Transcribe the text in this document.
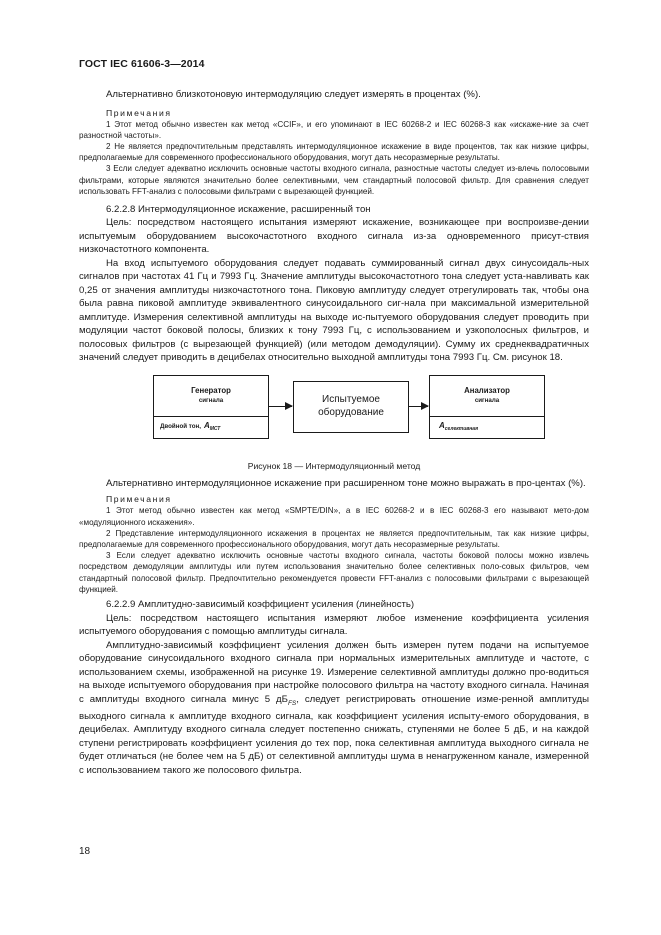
ГОСТ IEC 61606-3—2014

Альтернативно близкотоновую интермодуляцию следует измерять в процентах (%).

Примечания

1 Этот метод обычно известен как метод «CCIF», и его упоминают в IEC 60268-2 и IEC 60268-3 как «искаже-ние за счет разностной частоты».

2 Не является предпочтительным представлять интермодуляционное искажение в виде процентов, так как низкие цифры, предполагаемые для современного профессионального оборудования, могут дать несоразмерные результаты.

3 Если следует адекватно исключить основные частоты входного сигнала, разностные частоты следует из-влечь полосовыми фильтрами, которые являются значительно более селективными, чем стандартный полосовой фильтр. Для сравнения следует использовать FFT-анализ с полосовыми фильтрами с вырезающей функцией.

6.2.2.8 Интермодуляционное искажение, расширенный тон

Цель: посредством настоящего испытания измеряют искажение, возникающее при воспроизве-дении испытуемым оборудованием высокочастотного входного сигнала из-за одновременного присут-ствия низкочастотного компонента.

На вход испытуемого оборудования следует подавать суммированный сигнал двух синусоидаль-ных сигналов при частотах 41 Гц и 7993 Гц. Значение амплитуды высокочастотного тона следует уста-навливать как 0,25 от значения амплитуды низкочастотного тона. Пиковую амплитуду следует отрегулировать так, чтобы она была равна пиковой амплитуде эквивалентного синусоидального сиг-нала при максимальной измерительной амплитуде. Измерения селективной амплитуды на выходе ис-пытуемого оборудования следует проводить при модуляции частот боковой полосы, близких к тону 7993 Гц, с использованием и узкополосных фильтров, и полосовых фильтров (с вырезающей функцией) (или методом демодуляции). Сумму их среднеквадратичных значений следует приводить в децибелах относительно выходной амплитуды тона 7993 Гц. См. рисунок 18.

Генератор
сигнала
Двойной тон, $A_{МСТ}$
Испытуемое
оборудование
Анализатор
сигнала
$A_{селективная}$

Рисунок 18 — Интермодуляционный метод

Альтернативно интермодуляционное искажение при расширенном тоне можно выражать в про-центах (%).

Примечания

1 Этот метод обычно известен как метод «SMPTE/DIN», а в IEC 60268-2 и в IEC 60268-3 его называют мето-дом «модуляционного искажения».

2 Представление интермодуляционного искажения в процентах не является предпочтительным, так как низкие цифры, предполагаемые для современного профессионального оборудования, могут дать несоразмерные результаты.

3 Если следует адекватно исключить основные частоты входного сигнала, частоты боковой полосы можно извлечь посредством демодуляции амплитуды или путем использования значительно более селективных поло-совых фильтров, чем стандартный полосовой фильтр. Предпочтительно рекомендуется провести FFT-анализ с полосовыми фильтрами с вырезающей функцией.

6.2.2.9 Амплитудно-зависимый коэффициент усиления (линейность)

Цель: посредством настоящего испытания измеряют любое изменение коэффициента усиления испытуемого оборудования с помощью амплитуды сигнала.

Амплитудно-зависимый коэффициент усиления должен быть измерен путем подачи на испытуемое оборудование синусоидального входного сигнала при нормальных измерительных амплитуде и частоте, с использованием схемы, изображенной на рисунке 19. Измерение селективной амплитуды должно про-водиться на выходе испытуемого оборудования при настройке полосового фильтра на частоту входного сигнала. Начиная с амплитуды входного сигнала минус 5 $дБ_{FS}$, следует регистрировать отношение изме-ренной амплитуды выходного сигнала к амплитуде входного сигнала, как коэффициент усиления испыту-емого оборудования, в децибелах. Амплитуду входного сигнала следует постепенно снижать, ступенями не более 5 дБ, и на каждой ступени регистрировать коэффициент усиления до тех пор, пока селективная амплитуда выходного сигнала не будет отличаться (не более чем на 5 дБ) от селективной амплитуды шума в ненагруженном канале, измеренной с использованием такого же полосового фильтра.

18
